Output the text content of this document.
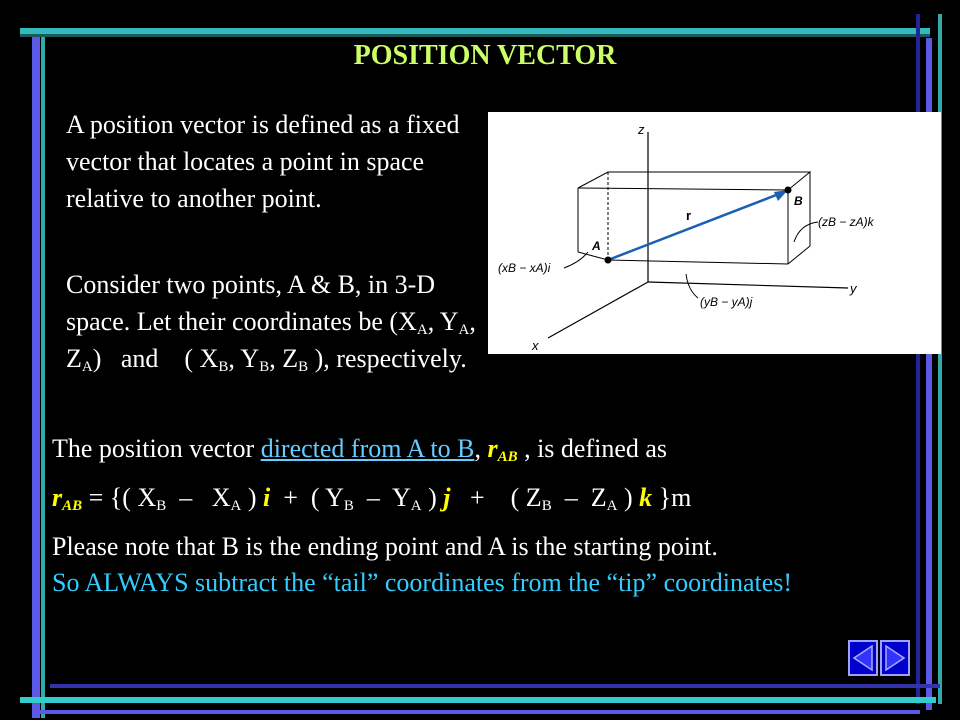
POSITION VECTOR
A position vector is defined as a fixed vector that locates a point in space relative to another point.
Consider two points, A & B, in 3-D space. Let their coordinates be ($X_A$, $Y_A$, $Z_A$)   and    ( $X_B$, $Y_B$, $Z_B$ ), respectively.
z
y
x
A
B
r	(zB − zA)k
(xB − xA)i
(yB − yA)j
The position vector directed from A to B, $r_{AB}$ , is defined as
$r_{AB}$ = {( $X_B - X_A$ ) i  +  ( $Y_B - Y_A$ ) j   +    ( $Z_B - Z_A$ ) k }m
Please note that B is the ending point and A is the starting point.
So ALWAYS subtract the “tail” coordinates from the “tip” coordinates!
